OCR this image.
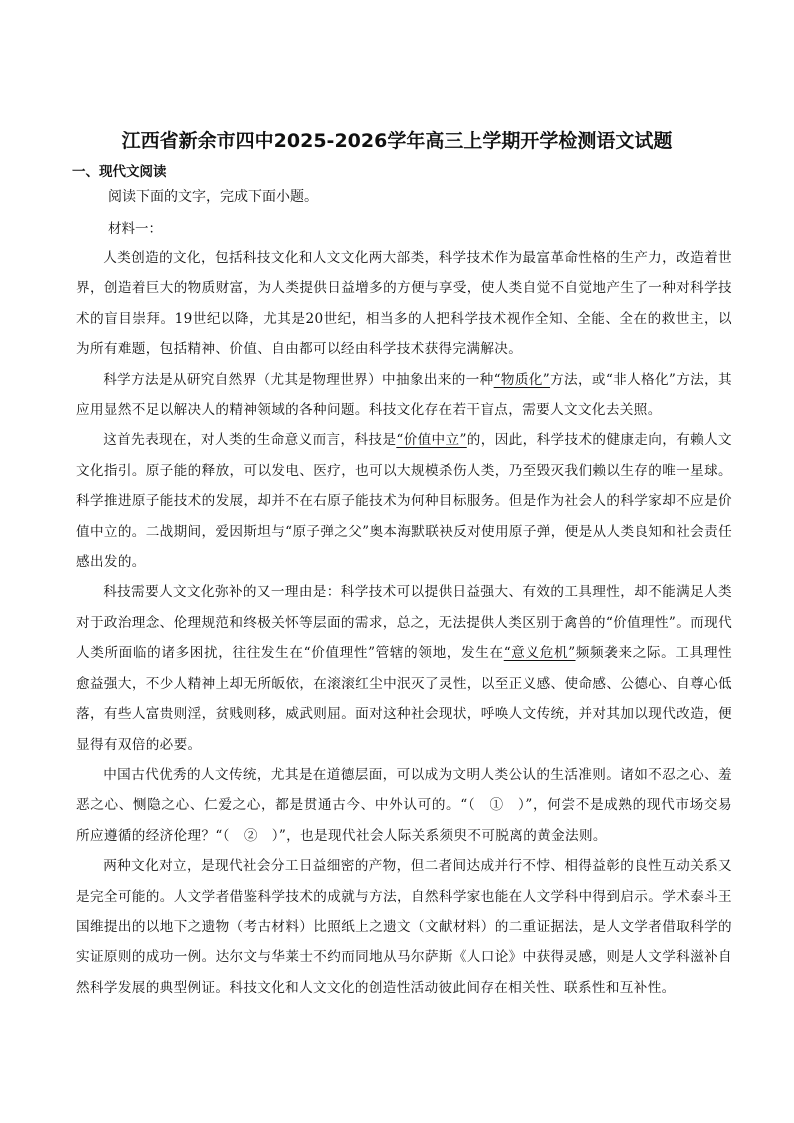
江西省新余市四中2025-2026学年高三上学期开学检测语文试题

一、现代文阅读

阅读下面的文字，完成下面小题。

材料一：

人类创造的文化，包括科技文化和人文文化两大部类，科学技术作为最富革命性格的生产力，改造着世界，创造着巨大的物质财富，为人类提供日益增多的方便与享受，使人类自觉不自觉地产生了一种对科学技术的盲目崇拜。19世纪以降，尤其是20世纪，相当多的人把科学技术视作全知、全能、全在的救世主，以为所有难题，包括精神、价值、自由都可以经由科学技术获得完满解决。

科学方法是从研究自然界（尤其是物理世界）中抽象出来的一种“物质化”方法，或“非人格化”方法，其应用显然不足以解决人的精神领域的各种问题。科技文化存在若干盲点，需要人文文化去关照。

这首先表现在，对人类的生命意义而言，科技是“价值中立”的，因此，科学技术的健康走向，有赖人文文化指引。原子能的释放，可以发电、医疗，也可以大规模杀伤人类，乃至毁灭我们赖以生存的唯一星球。科学推进原子能技术的发展，却并不在右原子能技术为何种目标服务。但是作为社会人的科学家却不应是价值中立的。二战期间，爱因斯坦与“原子弹之父”奥本海默联袂反对使用原子弹，便是从人类良知和社会责任感出发的。

科技需要人文文化弥补的又一理由是：科学技术可以提供日益强大、有效的工具理性，却不能满足人类对于政治理念、伦理规范和终极关怀等层面的需求，总之，无法提供人类区别于禽兽的“价值理性”。而现代人类所面临的诸多困扰，往往发生在“价值理性”管辖的领地，发生在“意义危机”频频袭来之际。工具理性愈益强大，不少人精神上却无所皈依，在滚滚红尘中泯灭了灵性，以至正义感、使命感、公德心、自尊心低落，有些人富贵则淫，贫贱则移，威武则屈。面对这种社会现状，呼唤人文传统，并对其加以现代改造，便显得有双倍的必要。

中国古代优秀的人文传统，尤其是在道德层面，可以成为文明人类公认的生活准则。诸如不忍之心、羞恶之心、恻隐之心、仁爱之心，都是贯通古今、中外认可的。“（　①　）”，何尝不是成熟的现代市场交易所应遵循的经济伦理？“（　②　）”，也是现代社会人际关系须臾不可脱离的黄金法则。

两种文化对立，是现代社会分工日益细密的产物，但二者间达成并行不悖、相得益彰的良性互动关系又是完全可能的。人文学者借鉴科学技术的成就与方法，自然科学家也能在人文学科中得到启示。学术泰斗王国维提出的以地下之遗物（考古材料）比照纸上之遗文（文献材料）的二重证据法，是人文学者借取科学的实证原则的成功一例。达尔文与华莱士不约而同地从马尔萨斯《人口论》中获得灵感，则是人文学科滋补自然科学发展的典型例证。科技文化和人文文化的创造性活动彼此间存在相关性、联系性和互补性。
